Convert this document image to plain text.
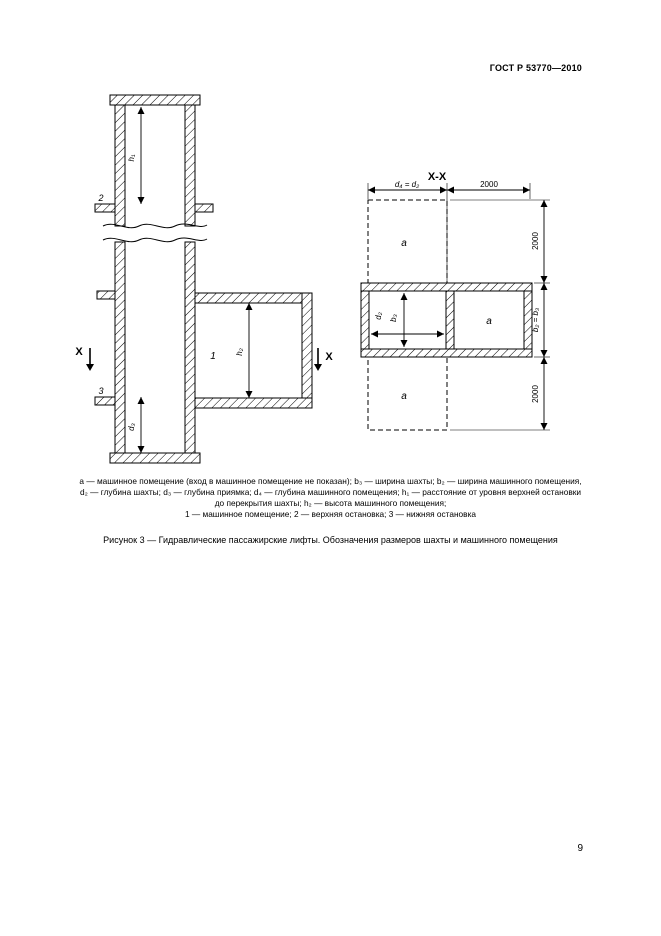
ГОСТ Р 53770—2010
h₁
h₂
d₃
2
3
1
X	X
X-X
а
а
а
d₄ = d₂	2000
2000
b₂ = b₃
2000
b₃
d₂
а — машинное помещение (вход в машинное помещение не показан); b₃ — ширина шахты; b₂ — ширина машинного помещения,
d₂ — глубина шахты; d₃ — глубина приямка; d₄ — глубина машинного помещения; h₁ — расстояние от уровня верхней остановки
до перекрытия шахты; h₂ — высота машинного помещения;
1 — машинное помещение; 2 — верхняя остановка; 3 — нижняя остановка
Рисунок 3 — Гидравлические пассажирские лифты. Обозначения размеров шахты и машинного помещения
9
